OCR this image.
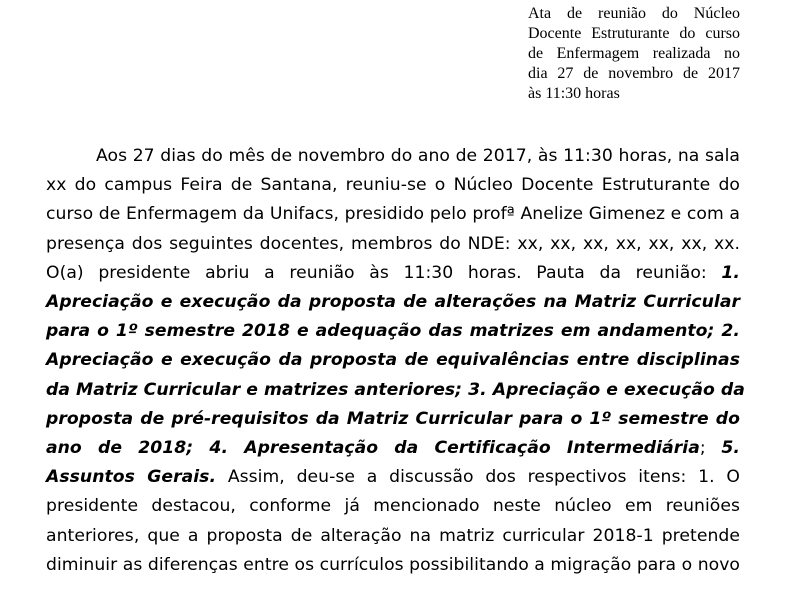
Ata de reunião do Núcleo
Docente Estruturante do curso
de Enfermagem realizada no
dia 27 de novembro de 2017
às 11:30 horas
Aos 27 dias do mês de novembro do ano de 2017, às 11:30 horas, na sala
xx do campus Feira de Santana, reuniu-se o Núcleo Docente Estruturante do
curso de Enfermagem da Unifacs, presidido pelo profª Anelize Gimenez e com a
presença dos seguintes docentes, membros do NDE: xx, xx, xx, xx, xx, xx, xx.
O(a) presidente abriu a reunião às 11:30 horas. Pauta da reunião: 1.
Apreciação e execução da proposta de alterações na Matriz Curricular
para o 1º semestre 2018 e adequação das matrizes em andamento; 2.
Apreciação e execução da proposta de equivalências entre disciplinas
da Matriz Curricular e matrizes anteriores; 3. Apreciação e execução da
proposta de pré-requisitos da Matriz Curricular para o 1º semestre do
ano de 2018; 4. Apresentação da Certificação Intermediária; 5.
Assuntos Gerais. Assim, deu-se a discussão dos respectivos itens: 1. O
presidente destacou, conforme já mencionado neste núcleo em reuniões
anteriores, que a proposta de alteração na matriz curricular 2018-1 pretende
diminuir as diferenças entre os currículos possibilitando a migração para o novo
